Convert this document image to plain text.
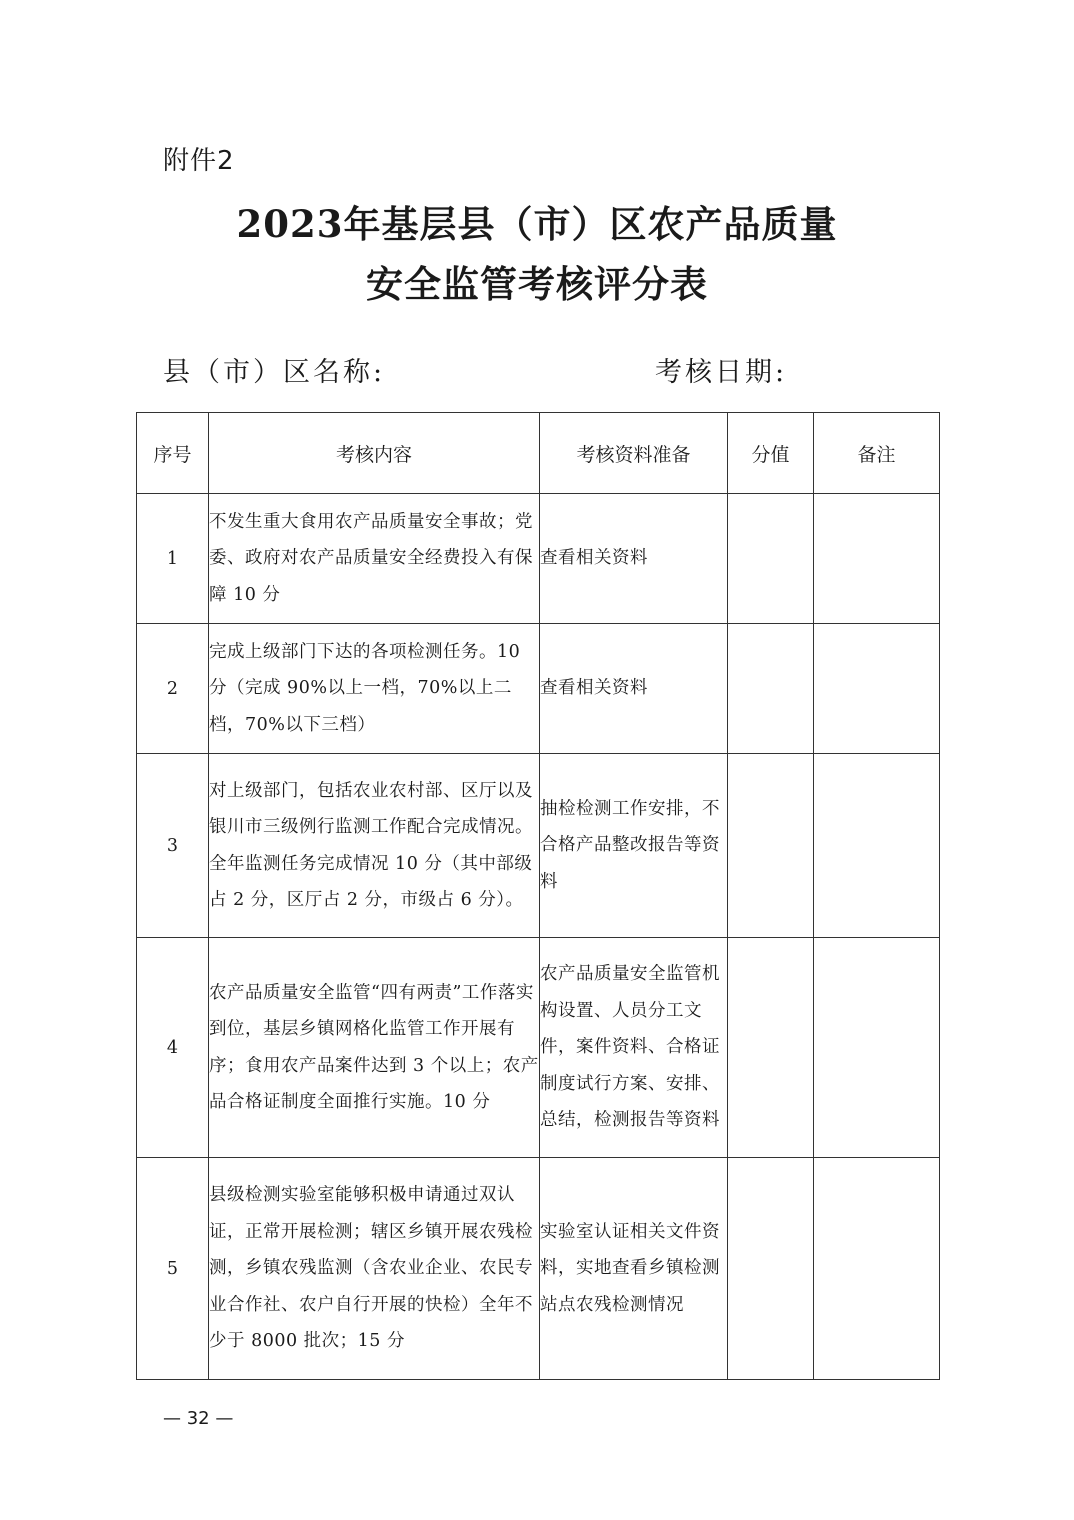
附件2
2023年基层县（市）区农产品质量
安全监管考核评分表
县（市）区名称:	考核日期:
序号	考核内容	考核资料准备	分值	备注
1	不发生重大食用农产品质量安全事故；党委、政府对农产品质量安全经费投入有保障 10 分	查看相关资料		
2	完成上级部门下达的各项检测任务。10 分（完成 90%以上一档，70%以上二档，70%以下三档）	查看相关资料		
3	对上级部门，包括农业农村部、区厅以及银川市三级例行监测工作配合完成情况。全年监测任务完成情况 10 分（其中部级占 2 分，区厅占 2 分，市级占 6 分）。	抽检检测工作安排，不合格产品整改报告等资料		
4	农产品质量安全监管“四有两责”工作落实到位，基层乡镇网格化监管工作开展有序；食用农产品案件达到 3 个以上；农产品合格证制度全面推行实施。10 分	农产品质量安全监管机构设置、人员分工文件，案件资料、合格证制度试行方案、安排、总结，检测报告等资料		
5	县级检测实验室能够积极申请通过双认证，正常开展检测；辖区乡镇开展农残检测，乡镇农残监测（含农业企业、农民专业合作社、农户自行开展的快检）全年不少于 8000 批次；15 分	实验室认证相关文件资料，实地查看乡镇检测站点农残检测情况		
— 32 —
